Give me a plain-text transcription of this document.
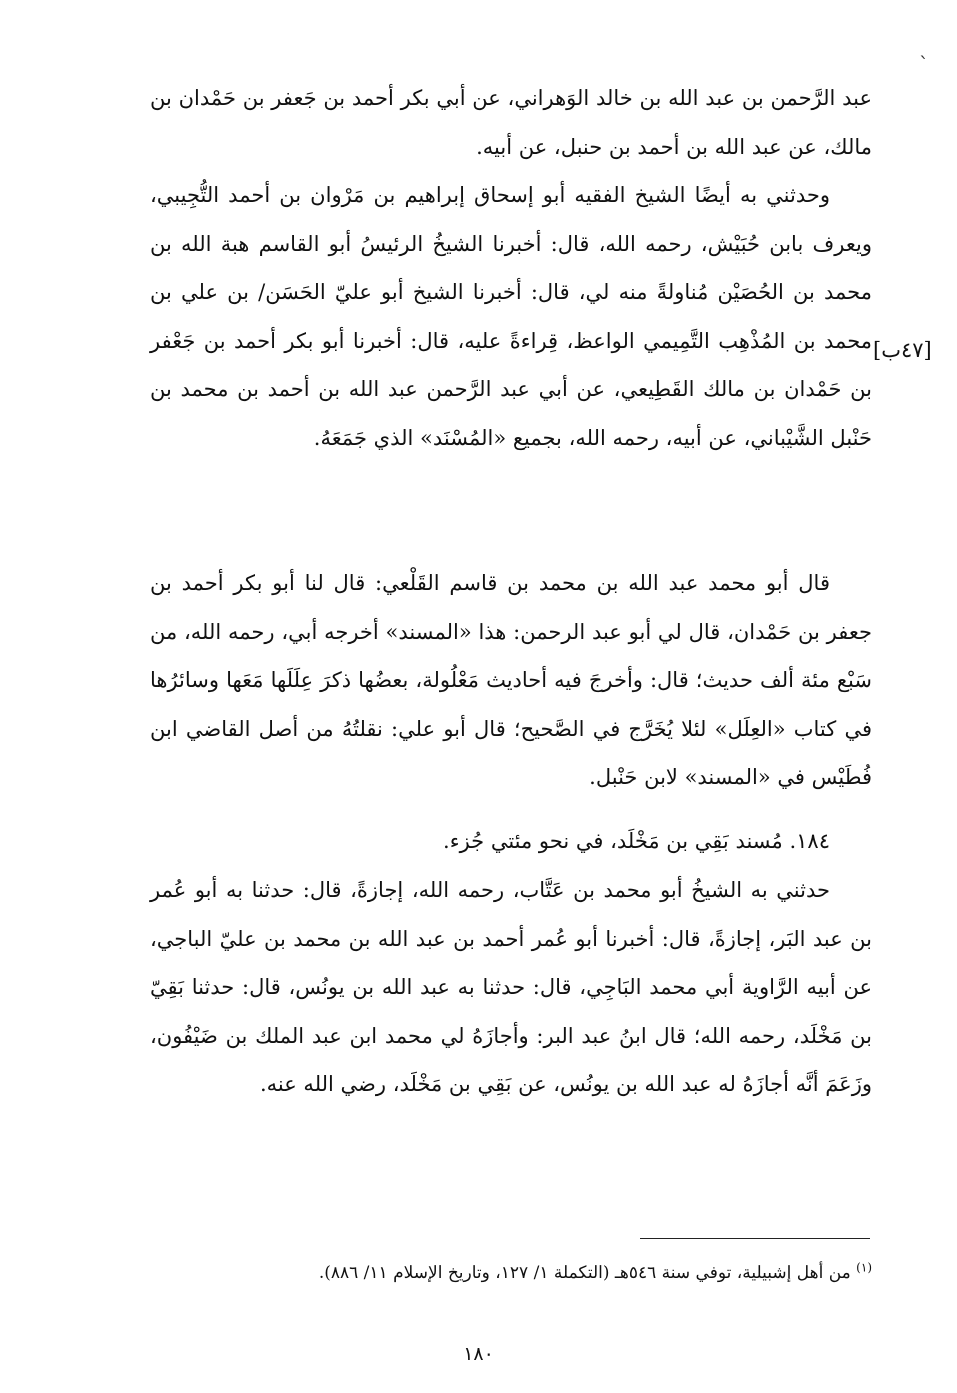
`

عبد الرَّحمن بن عبد الله بن خالد الوَهراني، عن أبي بكر أحمد بن جَعفر بن حَمْدان بن مالك، عن عبد الله بن أحمد بن حنبل، عن أبيه.

وحدثني به أيضًا الشيخ الفقيه أبو إسحاق إبراهيم بن مَرْوان بن أحمد التُّجِيبي، ويعرف بابن حُبَيْش، رحمه الله، قال: أخبرنا الشيخُ الرئيسُ أبو القاسم هبة الله بن محمد بن الحُصَيْن مُناولةً منه لي، قال: أخبرنا الشيخ أبو عليّ الحَسَن/ بن علي بن محمد بن المُذْهِب التَّمِيمي الواعظ، قِراءةً عليه، قال: أخبرنا أبو بكر أحمد بن جَعْفر بن حَمْدان بن مالك القَطِيعي، عن أبي عبد الرَّحمن عبد الله بن أحمد بن محمد بن حَنْبل الشَّيْباني، عن أبيه، رحمه الله، بجميع «المُسْنَد» الذي جَمَعَهُ.

[٤٧ب]

قال أبو محمد عبد الله بن محمد بن قاسم القَلْعي: قال لنا أبو بكر أحمد بن جعفر بن حَمْدان، قال لي أبو عبد الرحمن: هذا «المسند» أخرجه أبي، رحمه الله، من سَبْع مئة ألف حديث؛ قال: وأخرجَ فيه أحاديث مَعْلُولة، بعضُها ذكرَ عِلَلَها مَعَها وسائرُها في كتاب «العِلَل» لئلا يُخَرَّج في الصَّحيح؛ قال أبو علي: نقلتُهُ من أصل القاضي ابن فُطَيْس في «المسند» لابن حَنْبل.

١٨٤. مُسند بَقِي بن مَخْلَد، في نحو مئتي جُزء.

حدثني به الشيخُ أبو محمد بن عَتَّاب، رحمه الله، إجازةً، قال: حدثنا به أبو عُمر بن عبد البَر، إجازةً، قال: أخبرنا أبو عُمر أحمد بن عبد الله بن محمد بن عليّ الباجي، عن أبيه الرَّاوية أبي محمد البَاجِي، قال: حدثنا به عبد الله بن يونُس، قال: حدثنا بَقِيّ بن مَخْلَد، رحمه الله؛ قال ابنُ عبد البر: وأجازَهُ لي محمد ابن عبد الملك بن ضَيْفُون، وزَعَمَ أنَّه أجازَهُ له عبد الله بن يونُس، عن بَقِي بن مَخْلَد، رضي الله عنه.

$^{(١)}$ من أهل إشبيلية، توفي سنة ٥٤٦هـ (التكملة ١/ ١٢٧، وتاريخ الإسلام ١١/ ٨٨٦).
١٨٠
